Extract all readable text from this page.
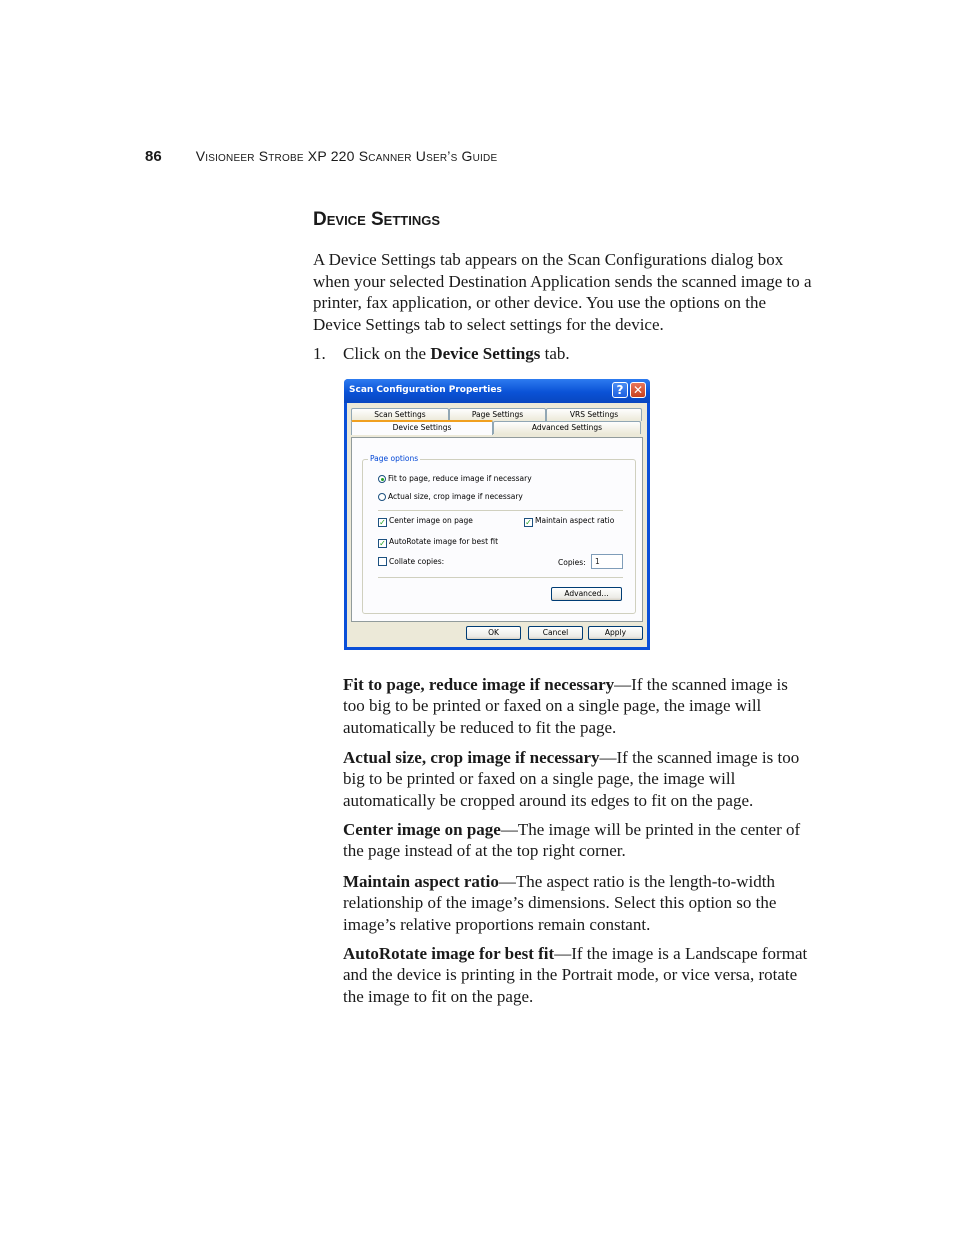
86 Visioneer Strobe XP 220 Scanner User’s Guide
Device Settings

A Device Settings tab appears on the Scan Configurations dialog box when your selected Destination Application sends the scanned image to a printer, fax application, or other device. You use the options on the Device Settings tab to select settings for the device.

1. Click on the Device Settings tab.

Scan Configuration Properties	? ✕
Scan Settings	Page Settings	VRS Settings
Device Settings	Advanced Settings
Page options
Fit to page, reduce image if necessary
Actual size, crop image if necessary
✓ Center image on page	✓ Maintain aspect ratio
✓ AutoRotate image for best fit
Collate copies:	Copies:	1
Advanced...
OK	Cancel	Apply

Fit to page, reduce image if necessary—If the scanned image is too big to be printed or faxed on a single page, the image will automatically be reduced to fit the page.

Actual size, crop image if necessary—If the scanned image is too big to be printed or faxed on a single page, the image will automatically be cropped around its edges to fit on the page.

Center image on page—The image will be printed in the center of the page instead of at the top right corner.

Maintain aspect ratio—The aspect ratio is the length-to-width relationship of the image’s dimensions. Select this option so the image’s relative proportions remain constant.

AutoRotate image for best fit—If the image is a Landscape format and the device is printing in the Portrait mode, or vice versa, rotate the image to fit on the page.
